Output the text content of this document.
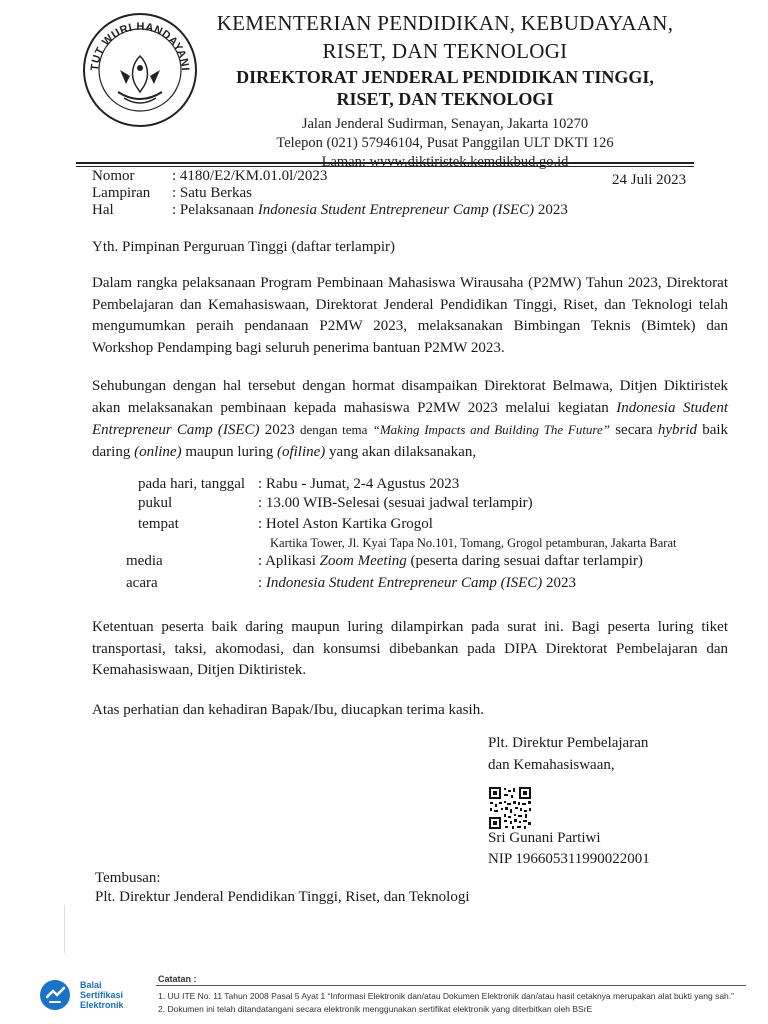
TUT WURI HANDAYANI
KEMENTERIAN PENDIDIKAN, KEBUDAYAAN,
RISET, DAN TEKNOLOGI
DIREKTORAT JENDERAL PENDIDIKAN TINGGI,
RISET, DAN TEKNOLOGI
Jalan Jenderal Sudirman, Senayan, Jakarta 10270
Telepon (021) 57946104, Pusat Panggilan ULT DKTI 126
Laman: wvvw.diktiristek.kemdikbud.go.id
Nomor	: 4180/E2/KM.01.0l/2023	24 Juli 2023
Lampiran : Satu Berkas
Hal	: Pelaksanaan Indonesia Student Entrepreneur Camp (ISEC) 2023
Yth. Pimpinan Perguruan Tinggi (daftar terlampir)
Dalam rangka pelaksanaan Program Pembinaan Mahasiswa Wirausaha (P2MW) Tahun 2023, Direktorat Pembelajaran dan Kemahasiswaan, Direktorat Jenderal Pendidikan Tinggi, Riset, dan Teknologi telah mengumumkan peraih pendanaan P2MW 2023, melaksanakan Bimbingan Teknis (Bimtek) dan Workshop Pendamping bagi seluruh penerima bantuan P2MW 2023.
Sehubungan dengan hal tersebut dengan hormat disampaikan Direktorat Belmawa, Ditjen Diktiristek akan melaksanakan pembinaan kepada mahasiswa P2MW 2023 melalui kegiatan Indonesia Student Entrepreneur Camp (ISEC) 2023 dengan tema “Making Impacts and Building The Future” secara hybrid baik daring (online) maupun luring (ofiline) yang akan dilaksanakan,
pada hari, tanggal : Rabu - Jumat, 2-4 Agustus 2023
pukul	: 13.00 WIB-Selesai (sesuai jadwal terlampir)
tempat	: Hotel Aston Kartika Grogol
Kartika Tower, Jl. Kyai Tapa No.101, Tomang, Grogol petamburan, Jakarta Barat
media	: Aplikasi Zoom Meeting (peserta daring sesuai daftar terlampir)
acara	: Indonesia Student Entrepreneur Camp (ISEC) 2023
Ketentuan peserta baik daring maupun luring dilampirkan pada surat ini. Bagi peserta luring tiket transportasi, taksi, akomodasi, dan konsumsi dibebankan pada DIPA Direktorat Pembelajaran dan Kemahasiswaan, Ditjen Diktiristek.
Atas perhatian dan kehadiran Bapak/Ibu, diucapkan terima kasih.
Plt. Direktur Pembelajaran
dan Kemahasiswaan,
Sri Gunani Partiwi
NIP 196605311990022001
Tembusan:
Plt. Direktur Jenderal Pendidikan Tinggi, Riset, dan Teknologi
Balai
Sertifikasi
Elektronik
Catatan :
1. UU ITE No. 11 Tahun 2008 Pasal 5 Ayat 1 “Informasi Elektronik dan/atau Dokumen Elektronik dan/atau hasil cetaknya merupakan alat bukti yang sah.”
2. Dokumen ini telah ditandatangani secara elektronik menggunakan sertifikat elektronik yang diterbitkan oleh BSrE
